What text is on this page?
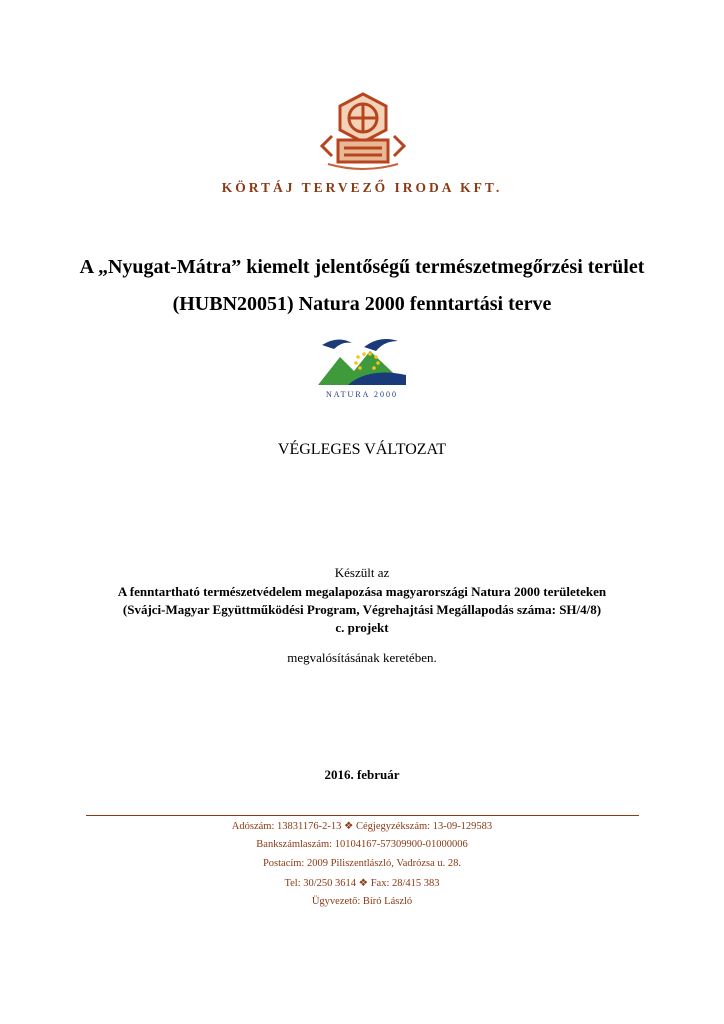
KÖRTÁJ TERVEZŐ IRODA KFT.
A „Nyugat-Mátra” kiemelt jelentőségű természetmegőrzési terület
(HUBN20051) Natura 2000 fenntartási terve
NATURA 2000
VÉGLEGES VÁLTOZAT
Készült az
A fenntartható természetvédelem megalapozása magyarországi Natura 2000 területeken
(Svájci-Magyar Együttműködési Program, Végrehajtási Megállapodás száma: SH/4/8)
c. projekt
megvalósításának keretében.
2016. február
Adószám: 13831176-2-13 ❖ Cégjegyzékszám: 13-09-129583
Bankszámlaszám: 10104167-57309900-01000006
Postacím: 2009 Piliszentlászló, Vadrózsa u. 28.
Tel: 30/250 3614 ❖ Fax: 28/415 383
Ügyvezető: Bíró László
